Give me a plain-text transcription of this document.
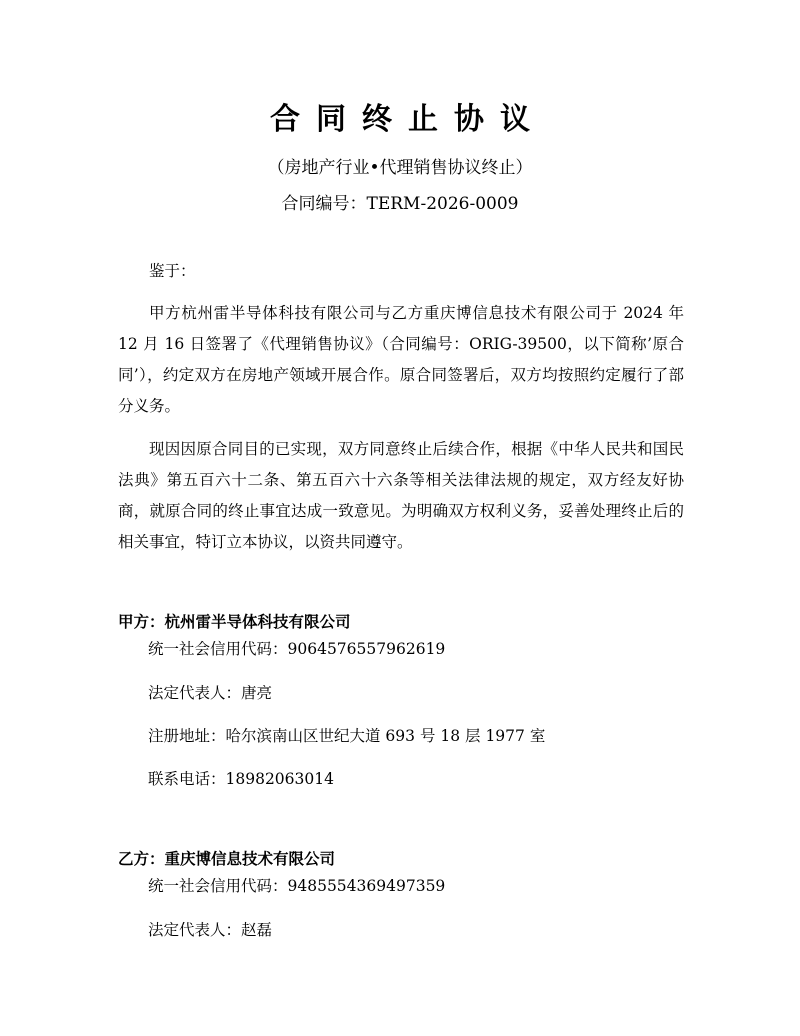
合同终止协议
（房地产行业•代理销售协议终止）
合同编号：TERM-2026-0009

鉴于：

甲方杭州雷半导体科技有限公司与乙方重庆博信息技术有限公司于 2024 年 12 月 16 日签署了《代理销售协议》（合同编号：ORIG-39500，以下简称’原合同’），约定双方在房地产领域开展合作。原合同签署后，双方均按照约定履行了部分义务。

现因因原合同目的已实现，双方同意终止后续合作，根据《中华人民共和国民法典》第五百六十二条、第五百六十六条等相关法律法规的规定，双方经友好协商，就原合同的终止事宜达成一致意见。为明确双方权利义务，妥善处理终止后的相关事宜，特订立本协议，以资共同遵守。

甲方：杭州雷半导体科技有限公司
统一社会信用代码：9064576557962619
法定代表人：唐亮
注册地址：哈尔滨南山区世纪大道 693 号 18 层 1977 室
联系电话：18982063014
乙方：重庆博信息技术有限公司
统一社会信用代码：9485554369497359
法定代表人：赵磊
